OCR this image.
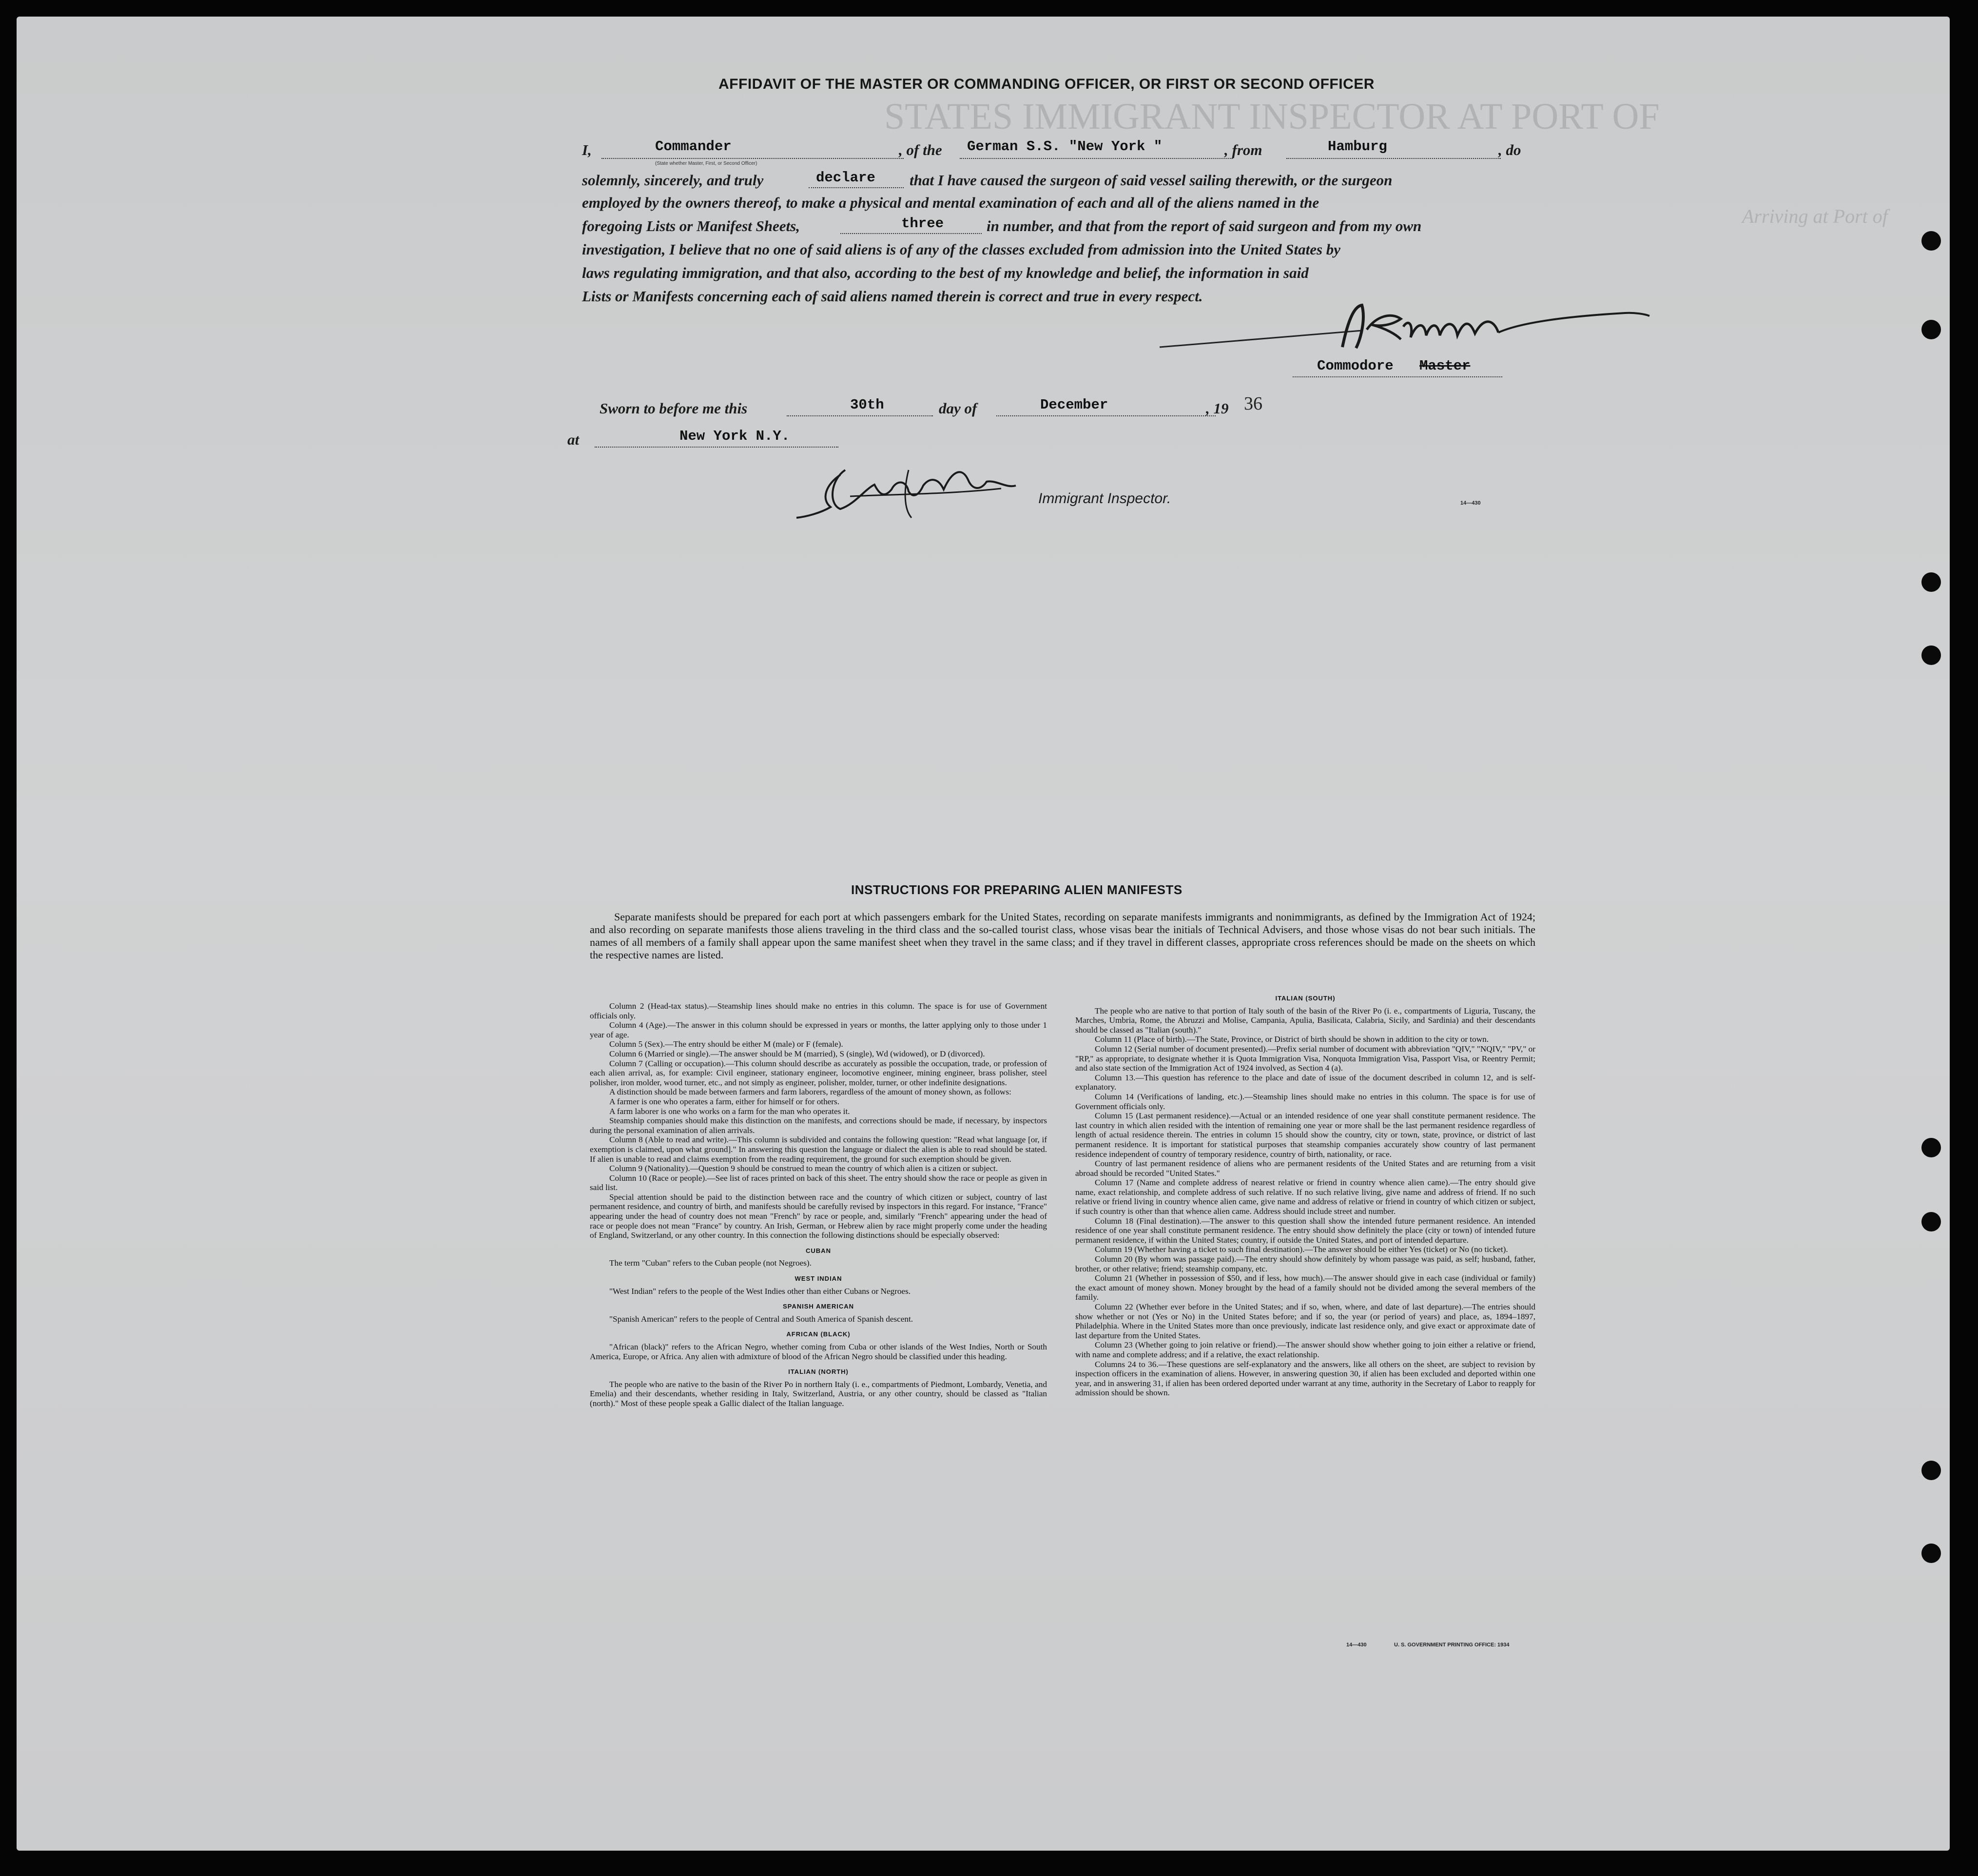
STATES IMMIGRANT INSPECTOR AT PORT OF
Arriving at Port of
AFFIDAVIT OF THE MASTER OR COMMANDING OFFICER, OR FIRST OR SECOND OFFICER
I,	Commander
(State whether Master, First, or Second Officer)
, of the German S.S. "New York "	, from	Hamburg	, do
solemnly, sincerely, and truly	declare that I have caused the surgeon of said vessel sailing therewith, or the surgeon
employed by the owners thereof, to make a physical and mental examination of each and all of the aliens named in the
foregoing Lists or Manifest Sheets,	three	in number, and that from the report of said surgeon and from my own
investigation, I believe that no one of said aliens is of any of the classes excluded from admission into the United States by
laws regulating immigration, and that also, according to the best of my knowledge and belief, the information in said
Lists or Manifests concerning each of said aliens named therein is correct and true in every respect.
Commodore Master
Sworn to before me this	30th	day of	December	, 19 36
at	New York N.Y.
Immigrant Inspector.	14—430
INSTRUCTIONS FOR PREPARING ALIEN MANIFESTS
Separate manifests should be prepared for each port at which passengers embark for the United States, recording on separate manifests immigrants and nonimmigrants, as defined by the Immigration Act of 1924; and also recording on separate manifests those aliens traveling in the third class and the so-called tourist class, whose visas bear the initials of Technical Advisers, and those whose visas do not bear such initials. The names of all members of a family shall appear upon the same manifest sheet when they travel in the same class; and if they travel in different classes, appropriate cross references should be made on the sheets on which the respective names are listed.

Column 2 (Head-tax status).—Steamship lines should make no entries in this column. The space is for use of Government officials only.

Column 4 (Age).—The answer in this column should be expressed in years or months, the latter applying only to those under 1 year of age.

Column 5 (Sex).—The entry should be either M (male) or F (female).

Column 6 (Married or single).—The answer should be M (married), S (single), Wd (widowed), or D (divorced).

Column 7 (Calling or occupation).—This column should describe as accurately as possible the occupation, trade, or profession of each alien arrival, as, for example: Civil engineer, stationary engineer, locomotive engineer, mining engineer, brass polisher, steel polisher, iron molder, wood turner, etc., and not simply as engineer, polisher, molder, turner, or other indefinite designations.

A distinction should be made between farmers and farm laborers, regardless of the amount of money shown, as follows:

A farmer is one who operates a farm, either for himself or for others.

A farm laborer is one who works on a farm for the man who operates it.

Steamship companies should make this distinction on the manifests, and corrections should be made, if necessary, by inspectors during the personal examination of alien arrivals.

Column 8 (Able to read and write).—This column is subdivided and contains the following question: "Read what language [or, if exemption is claimed, upon what ground]." In answering this question the language or dialect the alien is able to read should be stated. If alien is unable to read and claims exemption from the reading requirement, the ground for such exemption should be given.

Column 9 (Nationality).—Question 9 should be construed to mean the country of which alien is a citizen or subject.

Column 10 (Race or people).—See list of races printed on back of this sheet. The entry should show the race or people as given in said list.

Special attention should be paid to the distinction between race and the country of which citizen or subject, country of last permanent residence, and country of birth, and manifests should be carefully revised by inspectors in this regard. For instance, "France" appearing under the head of country does not mean "French" by race or people, and, similarly "French" appearing under the head of race or people does not mean "France" by country. An Irish, German, or Hebrew alien by race might properly come under the heading of England, Switzerland, or any other country. In this connection the following distinctions should be especially observed:

CUBAN

The term "Cuban" refers to the Cuban people (not Negroes).

WEST INDIAN

"West Indian" refers to the people of the West Indies other than either Cubans or Negroes.

SPANISH AMERICAN

"Spanish American" refers to the people of Central and South America of Spanish descent.

AFRICAN (BLACK)

"African (black)" refers to the African Negro, whether coming from Cuba or other islands of the West Indies, North or South America, Europe, or Africa. Any alien with admixture of blood of the African Negro should be classified under this heading.

ITALIAN (NORTH)

The people who are native to the basin of the River Po in northern Italy (i. e., compartments of Piedmont, Lombardy, Venetia, and Emelia) and their descendants, whether residing in Italy, Switzerland, Austria, or any other country, should be classed as "Italian (north)." Most of these people speak a Gallic dialect of the Italian language.

ITALIAN (SOUTH)

The people who are native to that portion of Italy south of the basin of the River Po (i. e., compartments of Liguria, Tuscany, the Marches, Umbria, Rome, the Abruzzi and Molise, Campania, Apulia, Basilicata, Calabria, Sicily, and Sardinia) and their descendants should be classed as "Italian (south)."

Column 11 (Place of birth).—The State, Province, or District of birth should be shown in addition to the city or town.

Column 12 (Serial number of document presented).—Prefix serial number of document with abbreviation "QIV," "NQIV," "PV," or "RP," as appropriate, to designate whether it is Quota Immigration Visa, Nonquota Immigration Visa, Passport Visa, or Reentry Permit; and also state section of the Immigration Act of 1924 involved, as Section 4 (a).

Column 13.—This question has reference to the place and date of issue of the document described in column 12, and is self-explanatory.

Column 14 (Verifications of landing, etc.).—Steamship lines should make no entries in this column. The space is for use of Government officials only.

Column 15 (Last permanent residence).—Actual or an intended residence of one year shall constitute permanent residence. The last country in which alien resided with the intention of remaining one year or more shall be the last permanent residence regardless of length of actual residence therein. The entries in column 15 should show the country, city or town, state, province, or district of last permanent residence. It is important for statistical purposes that steamship companies accurately show country of last permanent residence independent of country of temporary residence, country of birth, nationality, or race.

Country of last permanent residence of aliens who are permanent residents of the United States and are returning from a visit abroad should be recorded "United States."

Column 17 (Name and complete address of nearest relative or friend in country whence alien came).—The entry should give name, exact relationship, and complete address of such relative. If no such relative living, give name and address of friend. If no such relative or friend living in country whence alien came, give name and address of relative or friend in country of which citizen or subject, if such country is other than that whence alien came. Address should include street and number.

Column 18 (Final destination).—The answer to this question shall show the intended future permanent residence. An intended residence of one year shall constitute permanent residence. The entry should show definitely the place (city or town) of intended future permanent residence, if within the United States; country, if outside the United States, and port of intended departure.

Column 19 (Whether having a ticket to such final destination).—The answer should be either Yes (ticket) or No (no ticket).

Column 20 (By whom was passage paid).—The entry should show definitely by whom passage was paid, as self; husband, father, brother, or other relative; friend; steamship company, etc.

Column 21 (Whether in possession of $50, and if less, how much).—The answer should give in each case (individual or family) the exact amount of money shown. Money brought by the head of a family should not be divided among the several members of the family.

Column 22 (Whether ever before in the United States; and if so, when, where, and date of last departure).—The entries should show whether or not (Yes or No) in the United States before; and if so, the year (or period of years) and place, as, 1894–1897, Philadelphia. Where in the United States more than once previously, indicate last residence only, and give exact or approximate date of last departure from the United States.

Column 23 (Whether going to join relative or friend).—The answer should show whether going to join either a relative or friend, with name and complete address; and if a relative, the exact relationship.

Columns 24 to 36.—These questions are self-explanatory and the answers, like all others on the sheet, are subject to revision by inspection officers in the examination of aliens. However, in answering question 30, if alien has been excluded and deported within one year, and in answering 31, if alien has been ordered deported under warrant at any time, authority in the Secretary of Labor to reapply for admission should be shown.

14—430	U. S. GOVERNMENT PRINTING OFFICE: 1934
